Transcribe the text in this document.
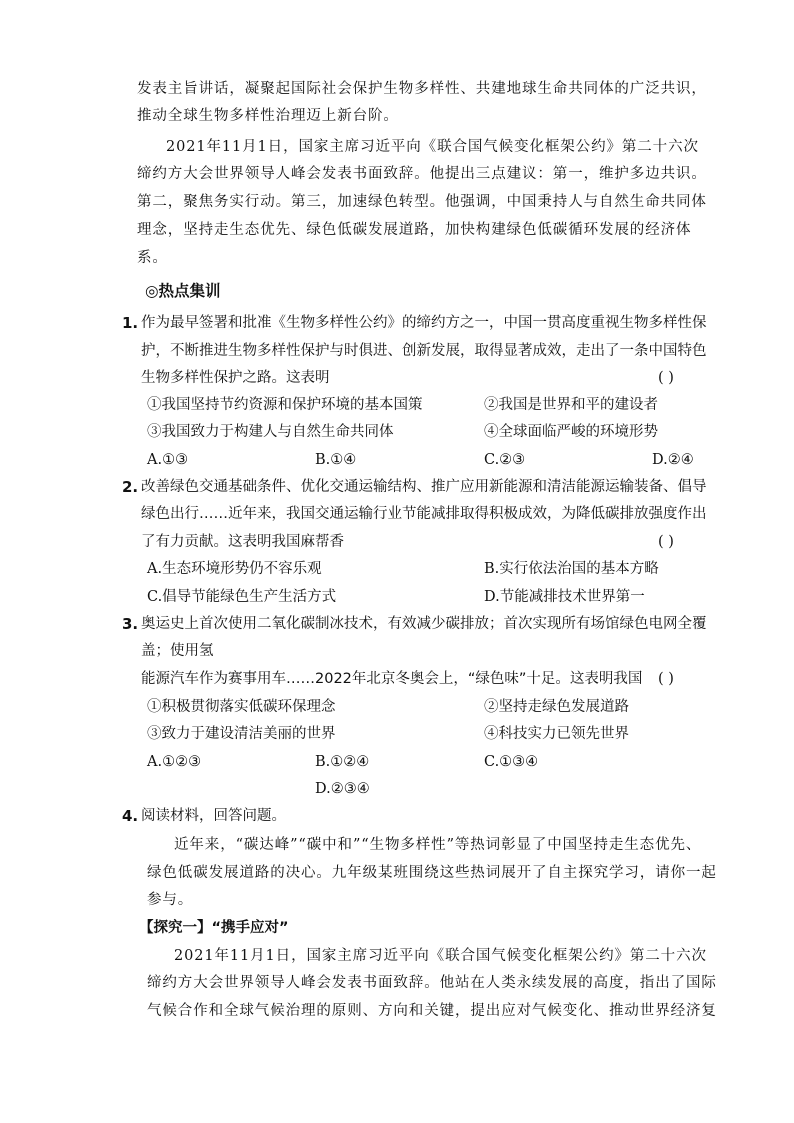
发表主旨讲话，凝聚起国际社会保护生物多样性、共建地球生命共同体的广泛共识，
推动全球生物多样性治理迈上新台阶。
2021年11月1日，国家主席习近平向《联合国气候变化框架公约》第二十六次
缔约方大会世界领导人峰会发表书面致辞。他提出三点建议：第一，维护多边共识。
第二，聚焦务实行动。第三，加速绿色转型。他强调，中国秉持人与自然生命共同体
理念，坚持走生态优先、绿色低碳发展道路，加快构建绿色低碳循环发展的经济体
系。
◎热点集训
1. 作为最早签署和批准《生物多样性公约》的缔约方之一，中国一贯高度重视生物多样性保
护，不断推进生物多样性保护与时俱进、创新发展，取得显著成效，走出了一条中国特色
生物多样性保护之路。这表明	( )
①我国坚持节约资源和保护环境的基本国策	②我国是世界和平的建设者
③我国致力于构建人与自然生命共同体	④全球面临严峻的环境形势
A.①③	B.①④	C.②③	D.②④
2. 改善绿色交通基础条件、优化交通运输结构、推广应用新能源和清洁能源运输装备、倡导
绿色出行……近年来，我国交通运输行业节能减排取得积极成效，为降低碳排放强度作出
了有力贡献。这表明我国麻帮香	( )
A.生态环境形势仍不容乐观	B.实行依法治国的基本方略
C.倡导节能绿色生产生活方式	D.节能减排技术世界第一
3. 奥运史上首次使用二氧化碳制冰技术，有效减少碳排放；首次实现所有场馆绿色电网全覆
盖；使用氢
能源汽车作为赛事用车……2022年北京冬奥会上，“绿色味”十足。这表明我国 ( )
①积极贯彻落实低碳环保理念	②坚持走绿色发展道路
③致力于建设清洁美丽的世界	④科技实力已领先世界
A.①②③	B.①②④	C.①③④
D.②③④
4. 阅读材料，回答问题。
近年来，“碳达峰”“碳中和”“生物多样性”等热词彰显了中国坚持走生态优先、
绿色低碳发展道路的决心。九年级某班围绕这些热词展开了自主探究学习，请你一起
参与。
【探究一】“携手应对”
2021年11月1日，国家主席习近平向《联合国气候变化框架公约》第二十六次
缔约方大会世界领导人峰会发表书面致辞。他站在人类永续发展的高度，指出了国际
气候合作和全球气候治理的原则、方向和关键，提出应对气候变化、推动世界经济复
